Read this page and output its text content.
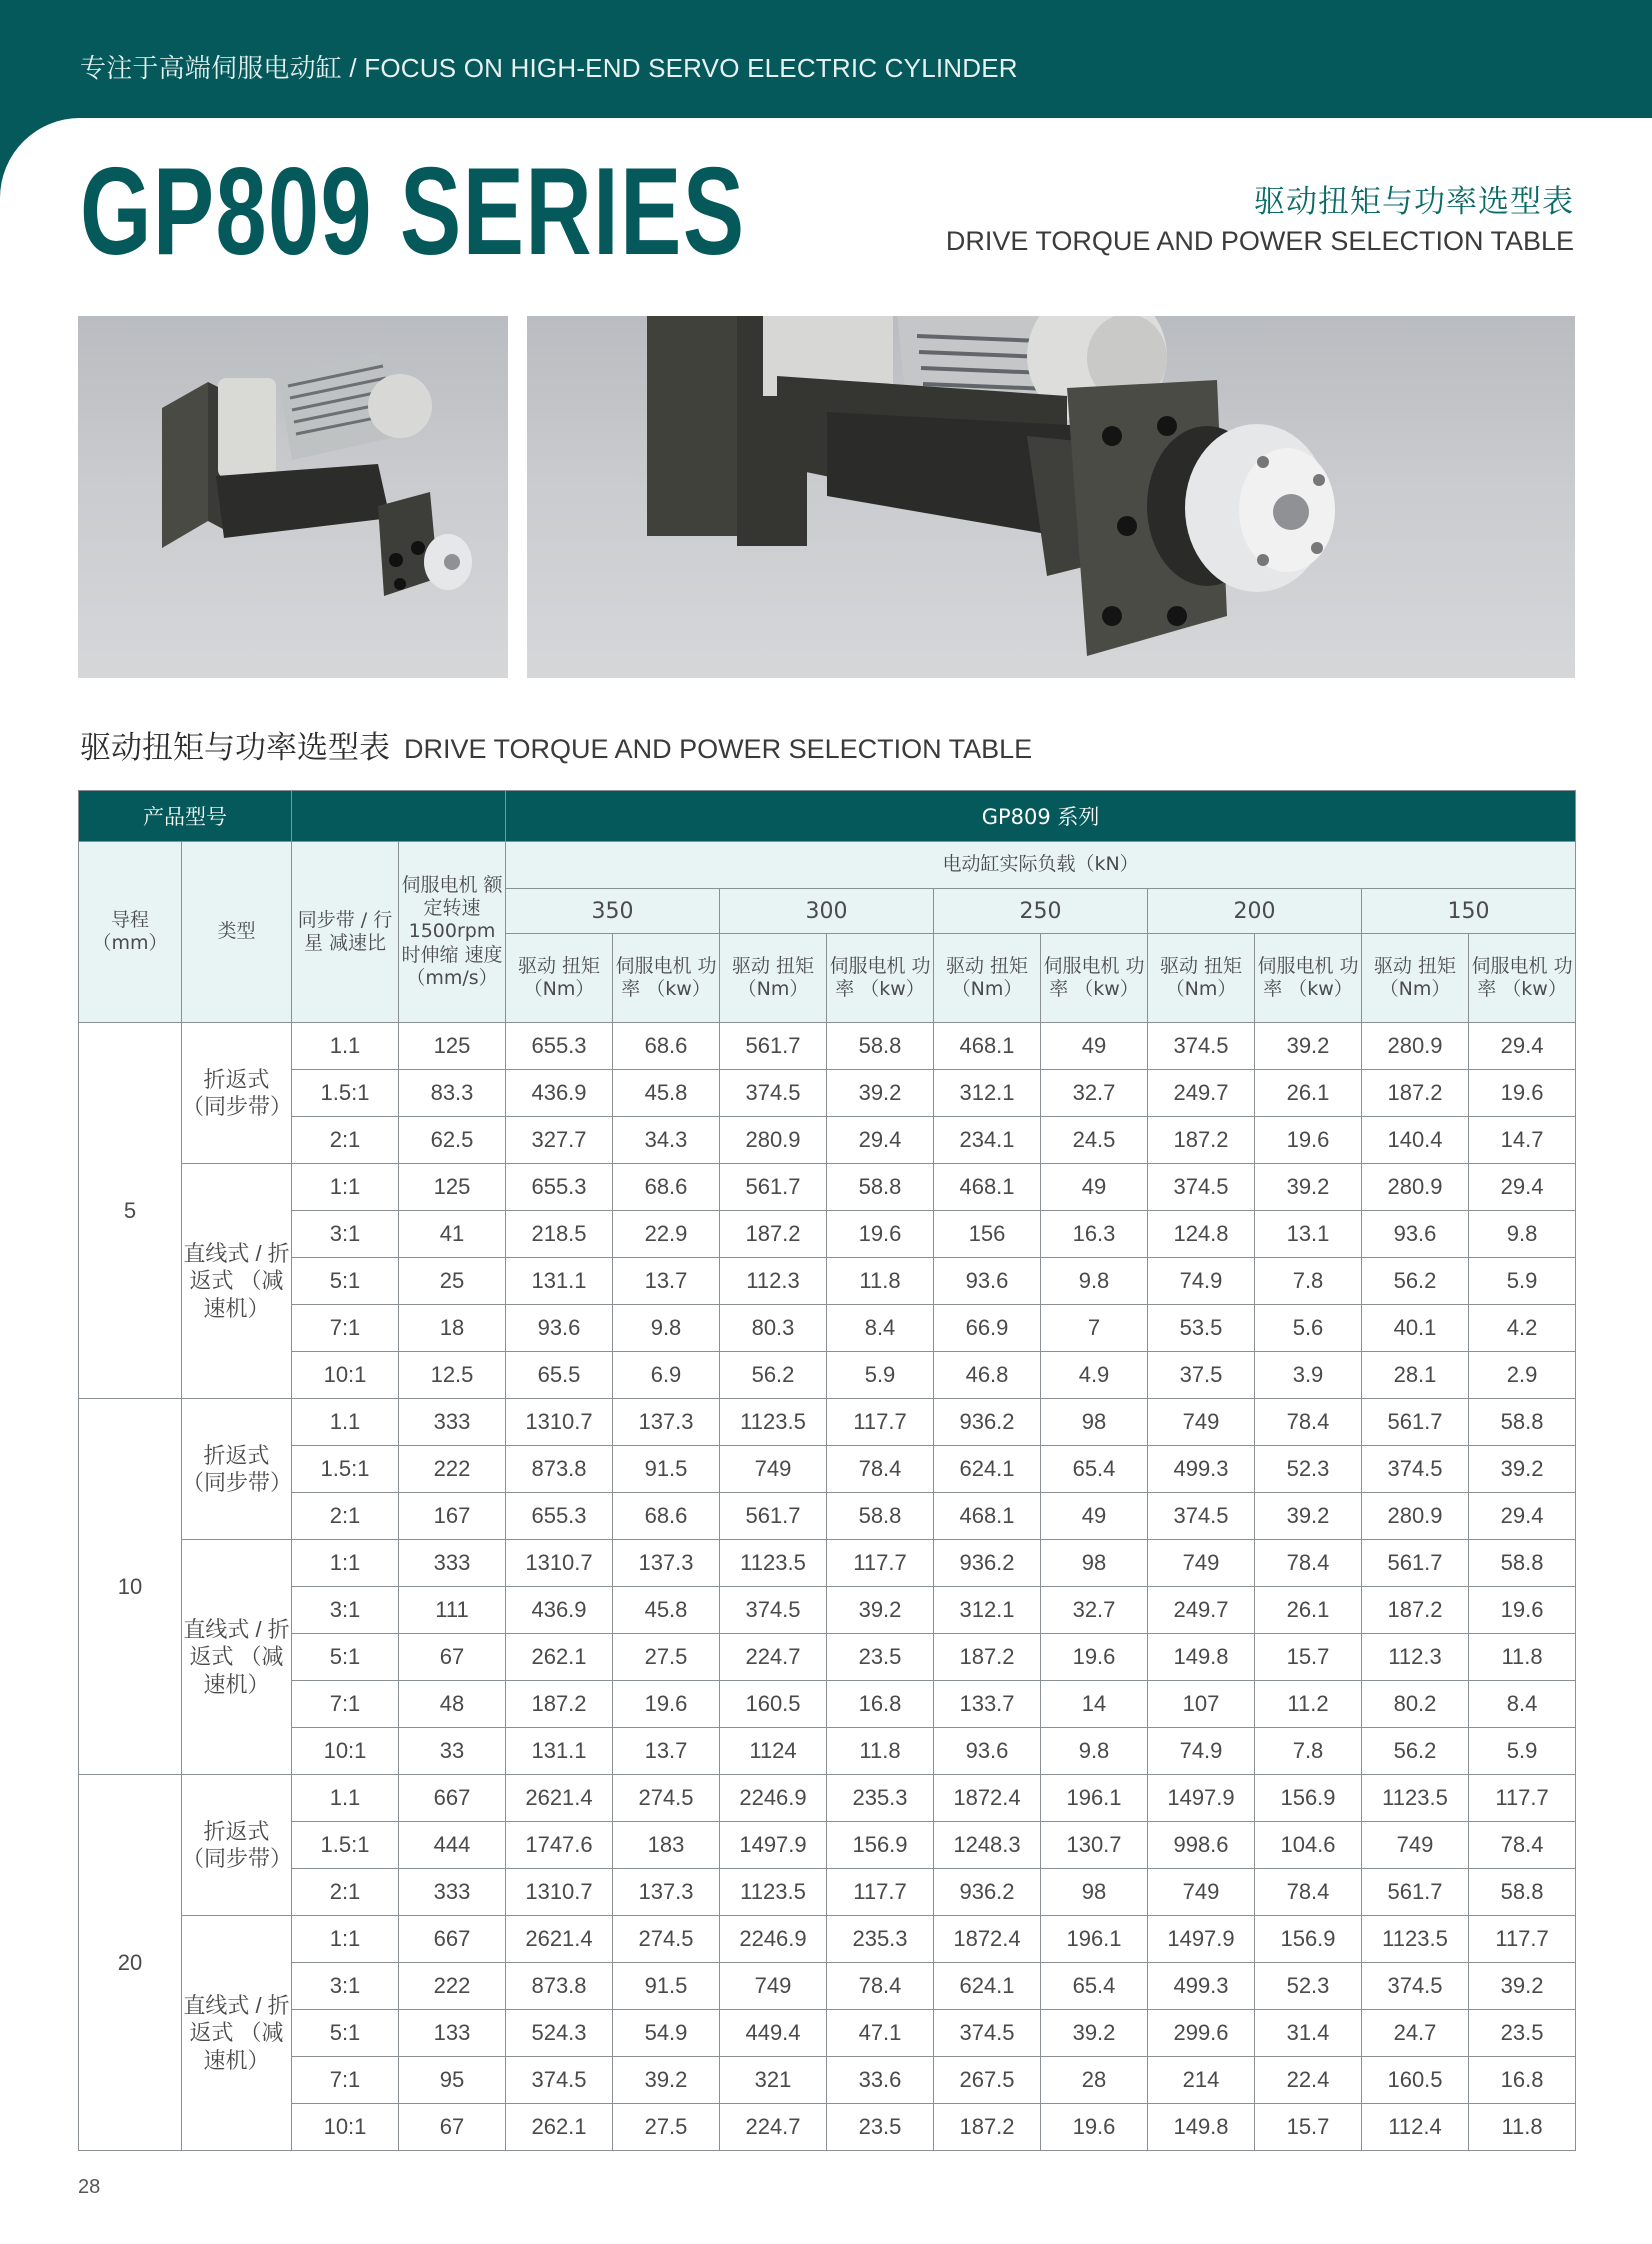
专注于高端伺服电动缸 / FOCUS ON HIGH-END SERVO ELECTRIC CYLINDER
GP809 SERIES	驱动扭矩与功率选型表
DRIVE TORQUE AND POWER SELECTION TABLE
驱动扭矩与功率选型表 DRIVE TORQUE AND POWER SELECTION TABLE
产品型号				GP809 系列									
导程（mm）	类型	同步带 / 行星 减速比	伺服电机 额定转速 1500rpm 时伸缩 速度 （mm/s）	电动缸实际负载（kN）									
				350		300		250		200		150	
				驱动 扭矩 （Nm）	伺服电机 功率 （kw）	驱动 扭矩 （Nm）	伺服电机 功率 （kw）	驱动 扭矩 （Nm）	伺服电机 功率 （kw）	驱动 扭矩 （Nm）	伺服电机 功率 （kw）	驱动 扭矩 （Nm）	伺服电机 功率 （kw）
5	折返式 （同步带）	1.1	125	655.3	68.6	561.7	58.8	468.1	49	374.5	39.2	280.9	29.4
		1.5:1	83.3	436.9	45.8	374.5	39.2	312.1	32.7	249.7	26.1	187.2	19.6
		2:1	62.5	327.7	34.3	280.9	29.4	234.1	24.5	187.2	19.6	140.4	14.7
	直线式 / 折返式 （减速机）	1:1	125	655.3	68.6	561.7	58.8	468.1	49	374.5	39.2	280.9	29.4
		3:1	41	218.5	22.9	187.2	19.6	156	16.3	124.8	13.1	93.6	9.8
		5:1	25	131.1	13.7	112.3	11.8	93.6	9.8	74.9	7.8	56.2	5.9
		7:1	18	93.6	9.8	80.3	8.4	66.9	7	53.5	5.6	40.1	4.2
		10:1	12.5	65.5	6.9	56.2	5.9	46.8	4.9	37.5	3.9	28.1	2.9
10	折返式 （同步带）	1.1	333	1310.7	137.3	1123.5	117.7	936.2	98	749	78.4	561.7	58.8
		1.5:1	222	873.8	91.5	749	78.4	624.1	65.4	499.3	52.3	374.5	39.2
		2:1	167	655.3	68.6	561.7	58.8	468.1	49	374.5	39.2	280.9	29.4
	直线式 / 折返式 （减速机）	1:1	333	1310.7	137.3	1123.5	117.7	936.2	98	749	78.4	561.7	58.8
		3:1	111	436.9	45.8	374.5	39.2	312.1	32.7	249.7	26.1	187.2	19.6
		5:1	67	262.1	27.5	224.7	23.5	187.2	19.6	149.8	15.7	112.3	11.8
		7:1	48	187.2	19.6	160.5	16.8	133.7	14	107	11.2	80.2	8.4
		10:1	33	131.1	13.7	1124	11.8	93.6	9.8	74.9	7.8	56.2	5.9
20	折返式 （同步带）	1.1	667	2621.4	274.5	2246.9	235.3	1872.4	196.1	1497.9	156.9	1123.5	117.7
		1.5:1	444	1747.6	183	1497.9	156.9	1248.3	130.7	998.6	104.6	749	78.4
		2:1	333	1310.7	137.3	1123.5	117.7	936.2	98	749	78.4	561.7	58.8
	直线式 / 折返式 （减速机）	1:1	667	2621.4	274.5	2246.9	235.3	1872.4	196.1	1497.9	156.9	1123.5	117.7
		3:1	222	873.8	91.5	749	78.4	624.1	65.4	499.3	52.3	374.5	39.2
		5:1	133	524.3	54.9	449.4	47.1	374.5	39.2	299.6	31.4	24.7	23.5
		7:1	95	374.5	39.2	321	33.6	267.5	28	214	22.4	160.5	16.8
		10:1	67	262.1	27.5	224.7	23.5	187.2	19.6	149.8	15.7	112.4	11.8
28
